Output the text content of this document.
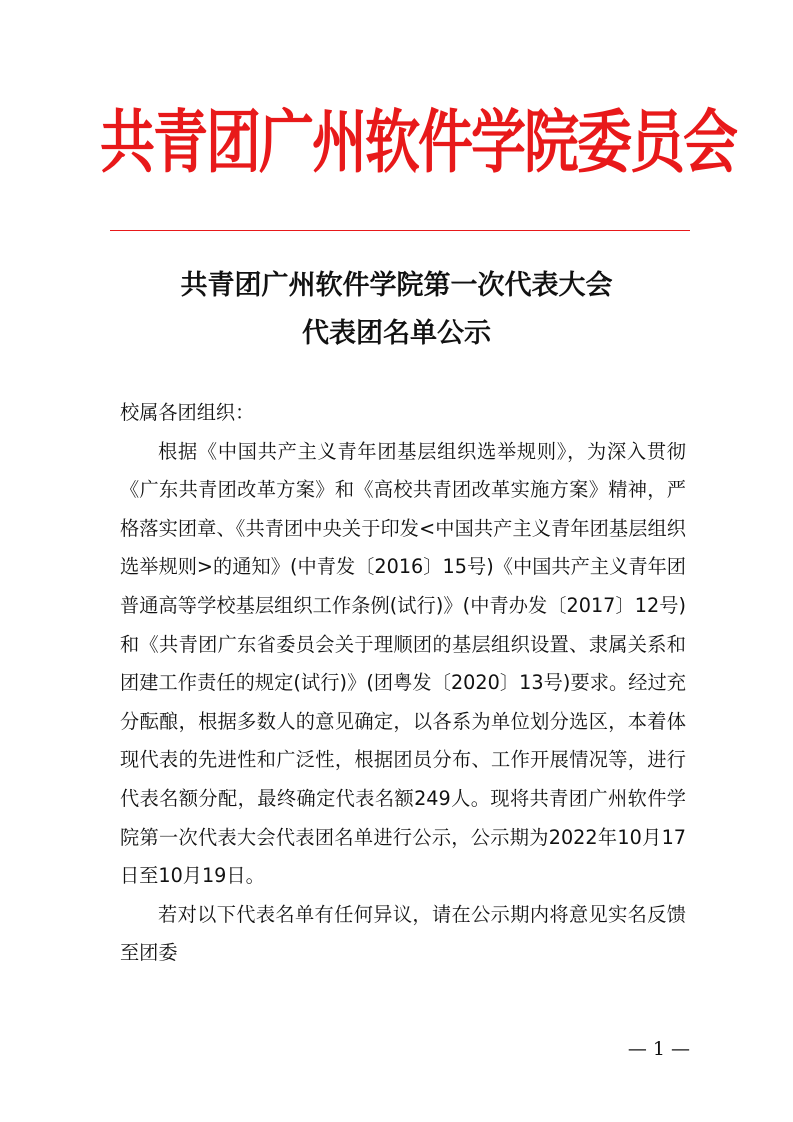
共青团广州软件学院委员会
共青团广州软件学院第一次代表大会
代表团名单公示

校属各团组织：

根据《中国共产主义青年团基层组织选举规则》，为深入贯彻《广东共青团改革方案》和《高校共青团改革实施方案》精神，严格落实团章、《共青团中央关于印发<中国共产主义青年团基层组织选举规则>的通知》(中青发〔2016〕15号)《中国共产主义青年团普通高等学校基层组织工作条例(试行)》(中青办发〔2017〕12号)和《共青团广东省委员会关于理顺团的基层组织设置、隶属关系和团建工作责任的规定(试行)》(团粤发〔2020〕13号)要求。经过充分酝酿，根据多数人的意见确定，以各系为单位划分选区，本着体现代表的先进性和广泛性，根据团员分布、工作开展情况等，进行代表名额分配，最终确定代表名额249人。现将共青团广州软件学院第一次代表大会代表团名单进行公示，公示期为2022年10月17日至10月19日。

若对以下代表名单有任何异议，请在公示期内将意见实名反馈至团委

— 1 —
